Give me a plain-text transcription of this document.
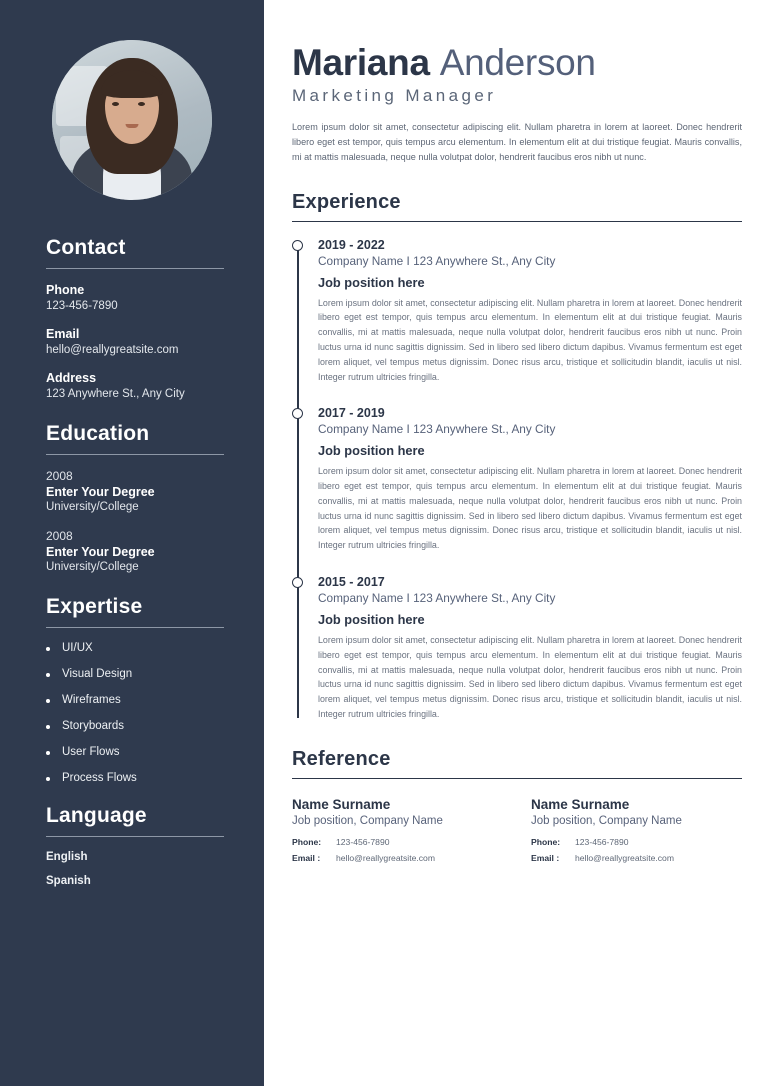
Contact

Phone

123-456-7890

Email

hello@reallygreatsite.com

Address

123 Anywhere St., Any City

Education

2008

Enter Your Degree

University/College

2008

Enter Your Degree

University/College

Expertise
UI/UX
Visual Design
Wireframes
Storyboards
User Flows
Process Flows
Language

English

Spanish

Mariana Anderson

Marketing Manager

Lorem ipsum dolor sit amet, consectetur adipiscing elit. Nullam pharetra in lorem at laoreet. Donec hendrerit libero eget est tempor, quis tempus arcu elementum. In elementum elit at dui tristique feugiat. Mauris convallis, mi at mattis malesuada, neque nulla volutpat dolor, hendrerit faucibus eros nibh ut nunc.

Experience

2019 - 2022

Company Name I 123 Anywhere St., Any City

Job position here

Lorem ipsum dolor sit amet, consectetur adipiscing elit. Nullam pharetra in lorem at laoreet. Donec hendrerit libero eget est tempor, quis tempus arcu elementum. In elementum elit at dui tristique feugiat. Mauris convallis, mi at mattis malesuada, neque nulla volutpat dolor, hendrerit faucibus eros nibh ut nunc. Proin luctus urna id nunc sagittis dignissim. Sed in libero sed libero dictum dapibus. Vivamus fermentum est eget lorem aliquet, vel tempus metus dignissim. Donec risus arcu, tristique et sollicitudin blandit, iaculis ut nisl. Integer rutrum ultricies fringilla.

2017 - 2019

Company Name I 123 Anywhere St., Any City

Job position here

Lorem ipsum dolor sit amet, consectetur adipiscing elit. Nullam pharetra in lorem at laoreet. Donec hendrerit libero eget est tempor, quis tempus arcu elementum. In elementum elit at dui tristique feugiat. Mauris convallis, mi at mattis malesuada, neque nulla volutpat dolor, hendrerit faucibus eros nibh ut nunc. Proin luctus urna id nunc sagittis dignissim. Sed in libero sed libero dictum dapibus. Vivamus fermentum est eget lorem aliquet, vel tempus metus dignissim. Donec risus arcu, tristique et sollicitudin blandit, iaculis ut nisl. Integer rutrum ultricies fringilla.

2015 - 2017

Company Name I 123 Anywhere St., Any City

Job position here

Lorem ipsum dolor sit amet, consectetur adipiscing elit. Nullam pharetra in lorem at laoreet. Donec hendrerit libero eget est tempor, quis tempus arcu elementum. In elementum elit at dui tristique feugiat. Mauris convallis, mi at mattis malesuada, neque nulla volutpat dolor, hendrerit faucibus eros nibh ut nunc. Proin luctus urna id nunc sagittis dignissim. Sed in libero sed libero dictum dapibus. Vivamus fermentum est eget lorem aliquet, vel tempus metus dignissim. Donec risus arcu, tristique et sollicitudin blandit, iaculis ut nisl. Integer rutrum ultricies fringilla.

Reference

Name Surname

Job position, Company Name

Phone:	123-456-7890

Email :	hello@reallygreatsite.com

Name Surname

Job position, Company Name

Phone:	123-456-7890

Email :	hello@reallygreatsite.com
